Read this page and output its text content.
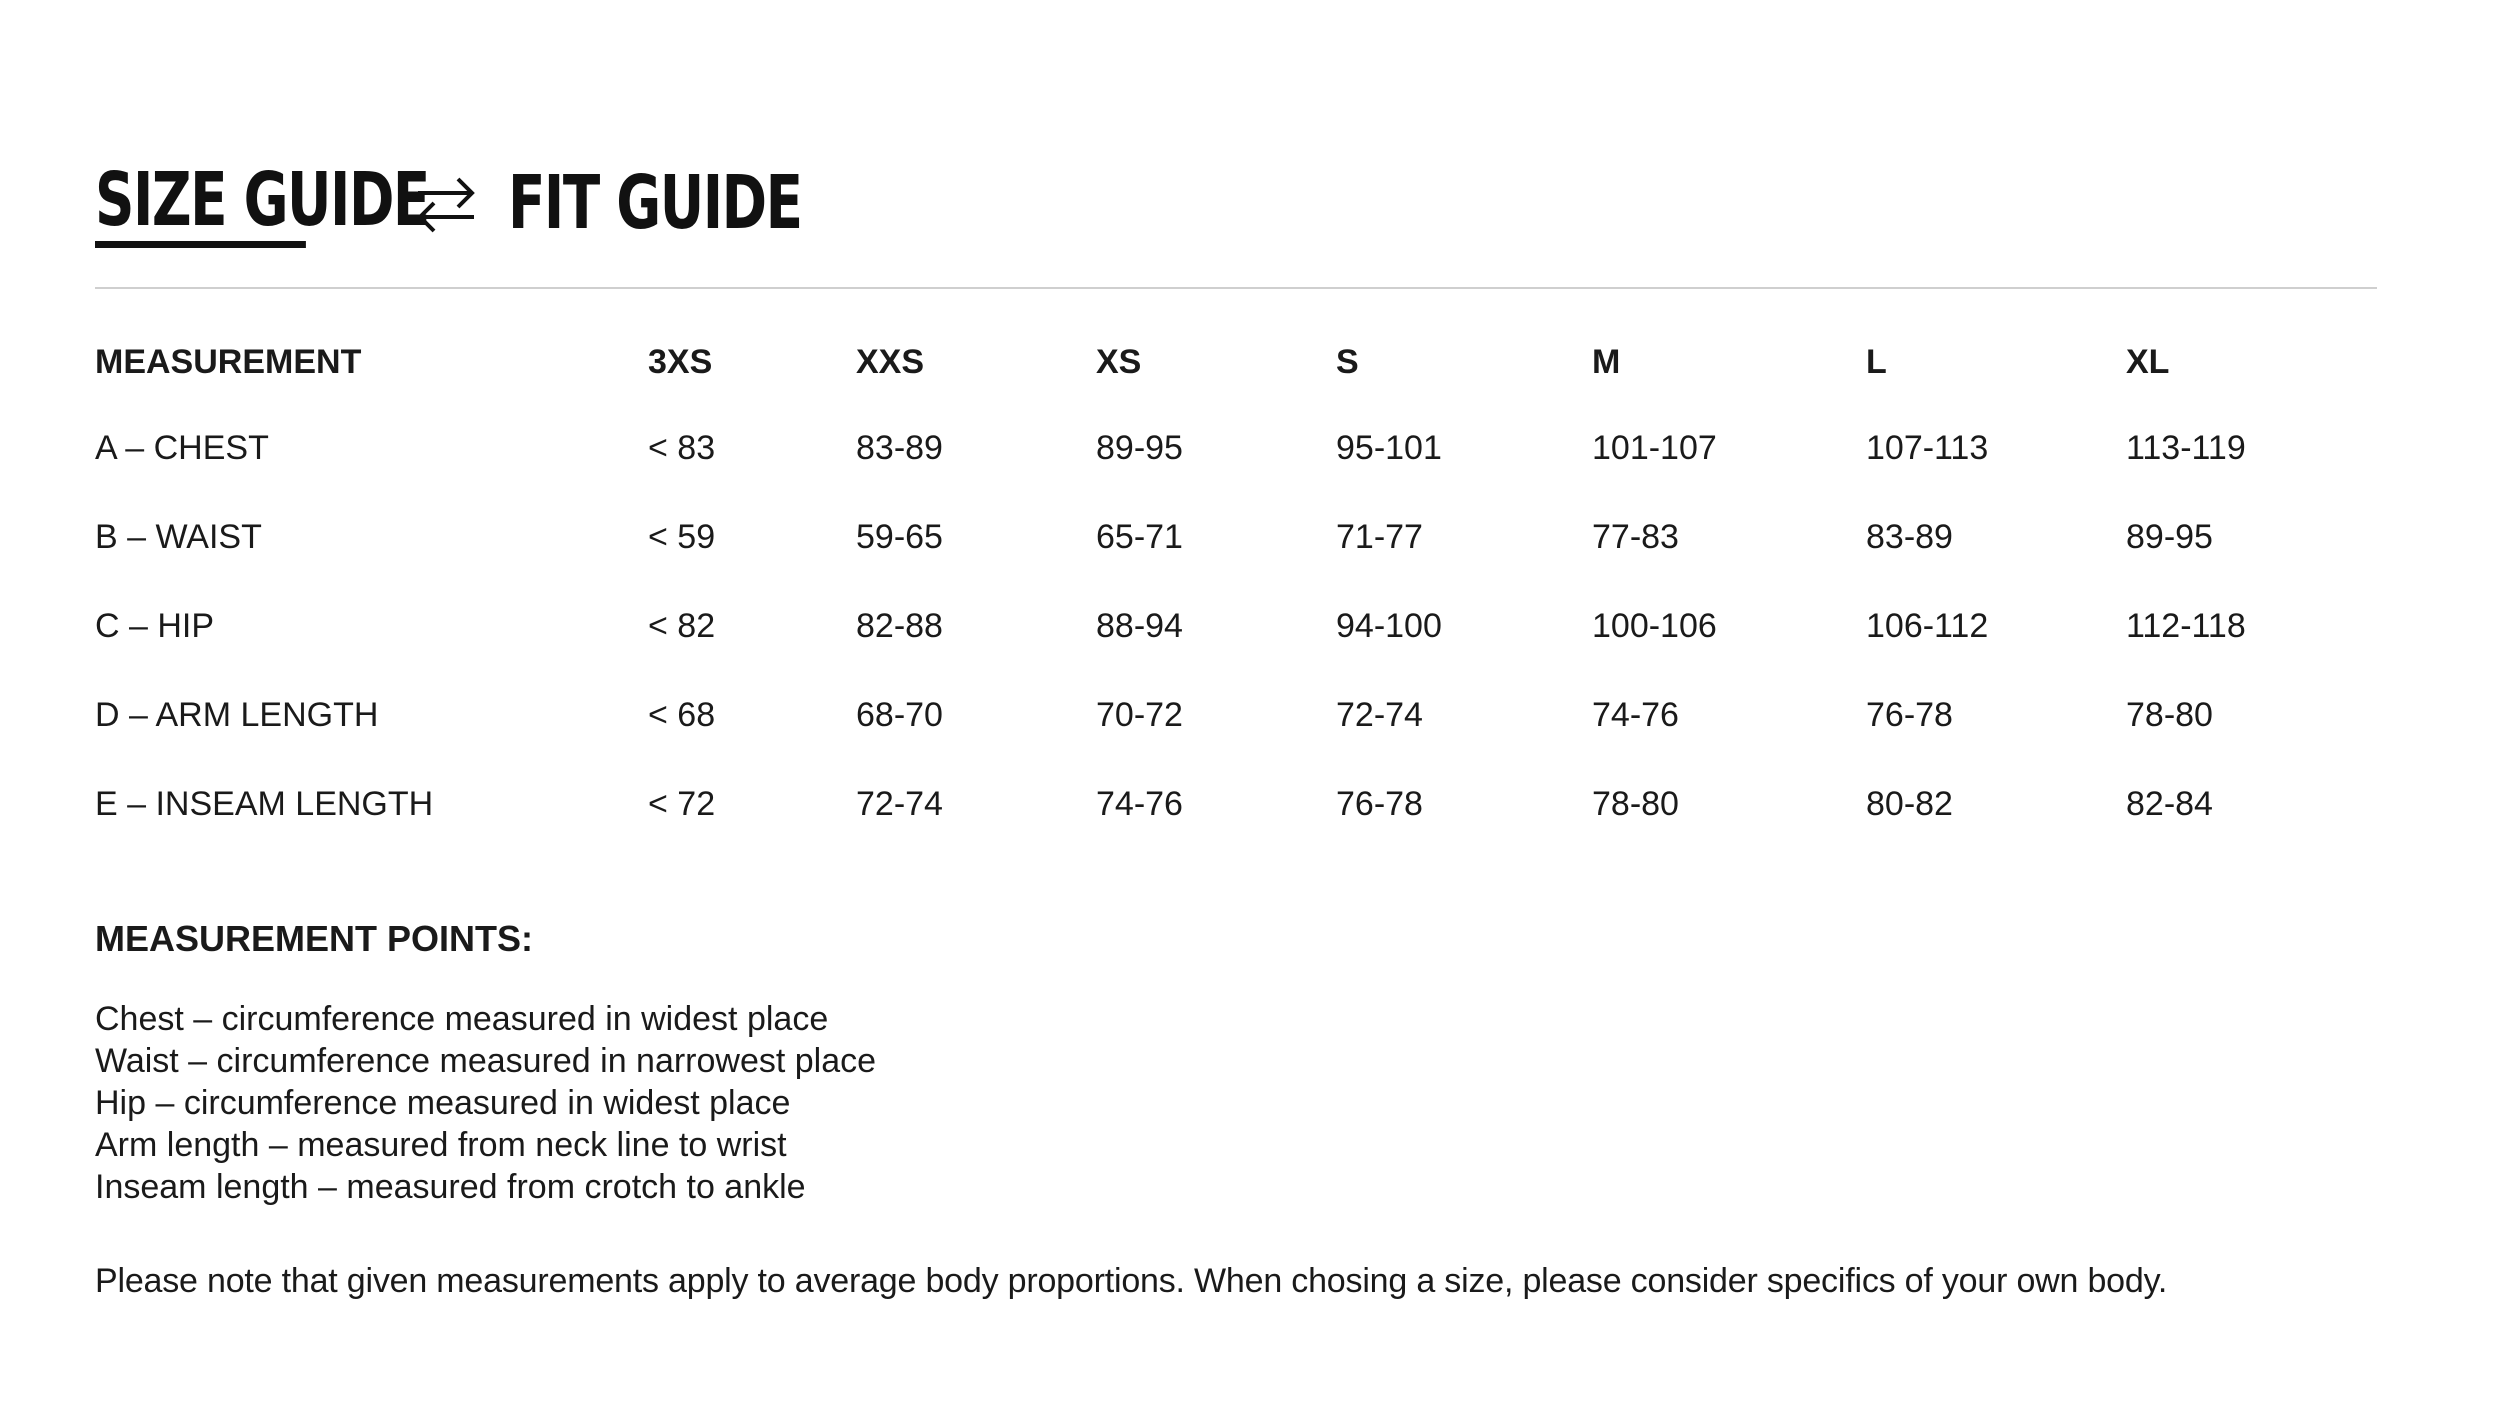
SIZE GUIDE FIT GUIDE
MEASUREMENT	3XS	XXS	XS	S	M	L	XL
A – CHEST	< 83	83-89	89-95	95-101	101-107	107-113	113-119
B – WAIST	< 59	59-65	65-71	71-77	77-83	83-89	89-95
C – HIP	< 82	82-88	88-94	94-100	100-106	106-112	112-118
D – ARM LENGTH	< 68	68-70	70-72	72-74	74-76	76-78	78-80
E – INSEAM LENGTH	< 72	72-74	74-76	76-78	78-80	80-82	82-84
MEASUREMENT POINTS:
Chest – circumference measured in widest place
Waist – circumference measured in narrowest place
Hip – circumference measured in widest place
Arm length – measured from neck line to wrist
Inseam length – measured from crotch to ankle
Please note that given measurements apply to average body proportions. When chosing a size, please consider specifics of your own body.
